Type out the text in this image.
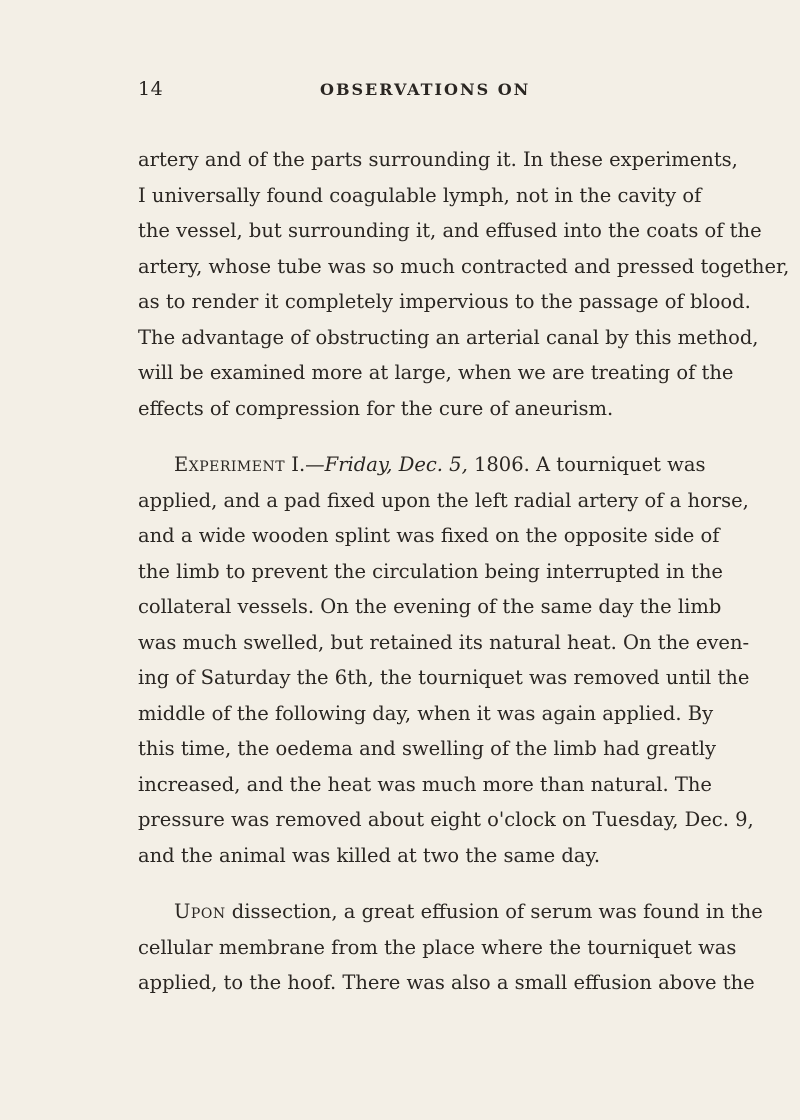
14	OBSERVATIONS ON
artery and of the parts surrounding it. In these experiments,
I universally found coagulable lymph, not in the cavity of
the vessel, but surrounding it, and effused into the coats of the
artery, whose tube was so much contracted and pressed together,
as to render it completely impervious to the passage of blood.
The advantage of obstructing an arterial canal by this method,
will be examined more at large, when we are treating of the
effects of compression for the cure of aneurism.
Experiment I.—Friday, Dec. 5, 1806. A tourniquet was
applied, and a pad fixed upon the left radial artery of a horse,
and a wide wooden splint was fixed on the opposite side of
the limb to prevent the circulation being interrupted in the
collateral vessels. On the evening of the same day the limb
was much swelled, but retained its natural heat. On the even-
ing of Saturday the 6th, the tourniquet was removed until the
middle of the following day, when it was again applied. By
this time, the oedema and swelling of the limb had greatly
increased, and the heat was much more than natural. The
pressure was removed about eight o'clock on Tuesday, Dec. 9,
and the animal was killed at two the same day.
Upon dissection, a great effusion of serum was found in the
cellular membrane from the place where the tourniquet was
applied, to the hoof. There was also a small effusion above the
